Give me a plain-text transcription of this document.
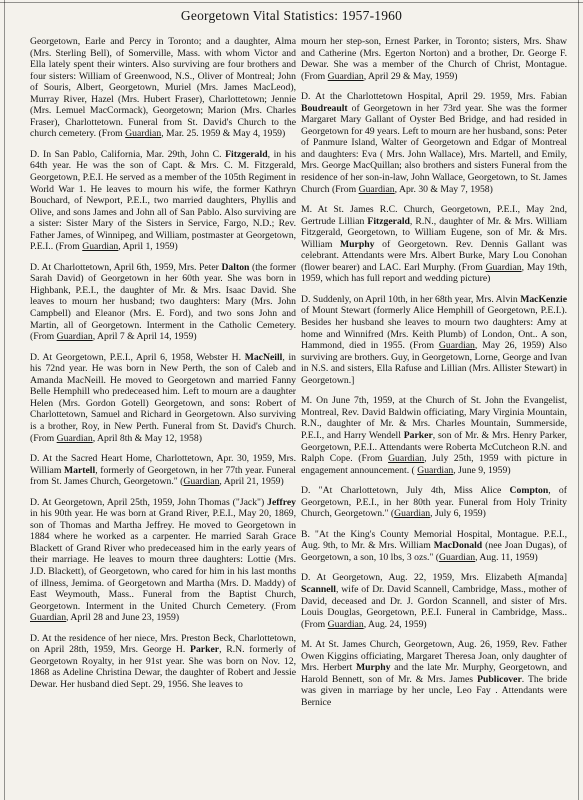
Georgetown Vital Statistics: 1957-1960

Georgetown, Earle and Percy in Toronto; and a daughter, Alma (Mrs. Sterling Bell), of Somerville, Mass. with whom Victor and Ella lately spent their winters. Also surviving are four brothers and four sisters: William of Greenwood, N.S., Oliver of Montreal; John of Souris, Albert, Georgetown, Muriel (Mrs. James MacLeod), Murray River, Hazel (Mrs. Hubert Fraser), Charlottetown; Jennie (Mrs. Lemuel MacCormack), Georgetown; Marion (Mrs. Charles Fraser), Charlottetown. Funeral from St. David's Church to the church cemetery. (From Guardian, Mar. 25. 1959 & May 4, 1959)

D. In San Pablo, California, Mar. 29th, John C. Fitzgerald, in his 64th year. He was the son of Capt. & Mrs. C. M. Fitzgerald, Georgetown, P.E.I. He served as a member of the 105th Regiment in World War 1. He leaves to mourn his wife, the former Kathryn Bouchard, of Newport, P.E.I., two married daughters, Phyllis and Olive, and sons James and John all of San Pablo. Also surviving are a sister: Sister Mary of the Sisters in Service, Fargo, N.D.; Rev. Father James, of Winnipeg, and William, postmaster at Georgetown, P.E.I.. (From Guardian, April 1, 1959)

D. At Charlottetown, April 6th, 1959, Mrs. Peter Dalton (the former Sarah David) of Georgetown in her 60th year. She was born in Highbank, P.E.I., the daughter of Mr. & Mrs. Isaac David. She leaves to mourn her husband; two daughters: Mary (Mrs. John Campbell) and Eleanor (Mrs. E. Ford), and two sons John and Martin, all of Georgetown. Interment in the Catholic Cemetery. (From Guardian, April 7 & April 14, 1959)

D. At Georgetown, P.E.I., April 6, 1958, Webster H. MacNeill, in his 72nd year. He was born in New Perth, the son of Caleb and Amanda MacNeill. He moved to Georgetown and married Fanny Belle Hemphill who predeceased him. Left to mourn are a daughter Helen (Mrs. Gordon Gotell) Georgetown, and sons: Robert of Charlottetown, Samuel and Richard in Georgetown. Also surviving is a brother, Roy, in New Perth. Funeral from St. David's Church. (From Guardian, April 8th & May 12, 1958)

D. At the Sacred Heart Home, Charlottetown, Apr. 30, 1959, Mrs. William Martell, formerly of Georgetown, in her 77th year. Funeral from St. James Church, Georgetown." (Guardian, April 21, 1959)

D. At Georgetown, April 25th, 1959, John Thomas ("Jack") Jeffrey in his 90th year. He was born at Grand River, P.E.I., May 20, 1869, son of Thomas and Martha Jeffrey. He moved to Georgetown in 1884 where he worked as a carpenter. He married Sarah Grace Blackett of Grand River who predeceased him in the early years of their marriage. He leaves to mourn three daughters: Lottie (Mrs. J.D. Blackett), of Georgetown, who cared for him in his last months of illness, Jemima. of Georgetown and Martha (Mrs. D. Maddy) of East Weymouth, Mass.. Funeral from the Baptist Church, Georgetown. Interment in the United Church Cemetery. (From Guardian, April 28 and June 23, 1959)

D. At the residence of her niece, Mrs. Preston Beck, Charlottetown, on April 28th, 1959, Mrs. George H. Parker, R.N. formerly of Georgetown Royalty, in her 91st year. She was born on Nov. 12, 1868 as Adeline Christina Dewar, the daughter of Robert and Jessie Dewar. Her husband died Sept. 29, 1956. She leaves to

mourn her step-son, Ernest Parker, in Toronto; sisters, Mrs. Shaw and Catherine (Mrs. Egerton Norton) and a brother, Dr. George F. Dewar. She was a member of the Church of Christ, Montague. (From Guardian, April 29 & May, 1959)

D. At the Charlottetown Hospital, April 29. 1959, Mrs. Fabian Boudreault of Georgetown in her 73rd year. She was the former Margaret Mary Gallant of Oyster Bed Bridge, and had resided in Georgetown for 49 years. Left to mourn are her husband, sons: Peter of Panmure Island, Walter of Georgetown and Edgar of Montreal and daughters: Eva ( Mrs. John Wallace), Mrs. Martell, and Emily, Mrs. George MacQuillan; also brothers and sisters Funeral from the residence of her son-in-law, John Wallace, Georgetown, to St. James Church (From Guardian, Apr. 30 & May 7, 1958)

M. At St. James R.C. Church, Georgetown, P.E.I., May 2nd, Gertrude Lillian Fitzgerald, R.N., daughter of Mr. & Mrs. William Fitzgerald, Georgetown, to William Eugene, son of Mr. & Mrs. William Murphy of Georgetown. Rev. Dennis Gallant was celebrant. Attendants were Mrs. Albert Burke, Mary Lou Conohan (flower bearer) and LAC. Earl Murphy. (From Guardian, May 19th, 1959, which has full report and wedding picture)

D. Suddenly, on April 10th, in her 68th year, Mrs. Alvin MacKenzie of Mount Stewart (formerly Alice Hemphill of Georgetown, P.E.I.). Besides her husband she leaves to mourn two daughters: Amy at home and Winnifred (Mrs. Keith Plumb) of London, Ont.. A son, Hammond, died in 1955. (From Guardian, May 26, 1959) Also surviving are brothers. Guy, in Georgetown, Lorne, George and Ivan in N.S. and sisters, Ella Rafuse and Lillian (Mrs. Allister Stewart) in Georgetown.]

M. On June 7th, 1959, at the Church of St. John the Evangelist, Montreal, Rev. David Baldwin officiating, Mary Virginia Mountain, R.N., daughter of Mr. & Mrs. Charles Mountain, Summerside, P.E.I., and Harry Wendell Parker, son of Mr. & Mrs. Henry Parker, Georgetown, P.E.I.. Attendants were Roberta McCutcheon R.N. and Ralph Cope. (From Guardian, July 25th, 1959 with picture in engagement announcement. ( Guardian, June 9, 1959)

D. "At Charlottetown, July 4th, Miss Alice Compton, of Georgetown, P.E.I., in her 80th year. Funeral from Holy Trinity Church, Georgetown." (Guardian, July 6, 1959)

B. "At the King's County Memorial Hospital, Montague. P.E.I., Aug. 9th, to Mr. & Mrs. William MacDonald (nee Joan Dugas), of Georgetown, a son, 10 lbs, 3 ozs." (Guardian, Aug. 11, 1959)

D. At Georgetown, Aug. 22, 1959, Mrs. Elizabeth A[manda] Scannell, wife of Dr. David Scannell, Cambridge, Mass., mother of David, deceased and Dr. J. Gordon Scannell, and sister of Mrs. Louis Douglas, Georgetown, P.E.I. Funeral in Cambridge, Mass.. (From Guardian, Aug. 24, 1959)

M. At St. James Church, Georgetown, Aug. 26, 1959, Rev. Father Owen Kiggins officiating, Margaret Theresa Joan, only daughter of Mrs. Herbert Murphy and the late Mr. Murphy, Georgetown, and Harold Bennett, son of Mr. & Mrs. James Publicover. The bride was given in marriage by her uncle, Leo Fay . Attendants were Bernice
